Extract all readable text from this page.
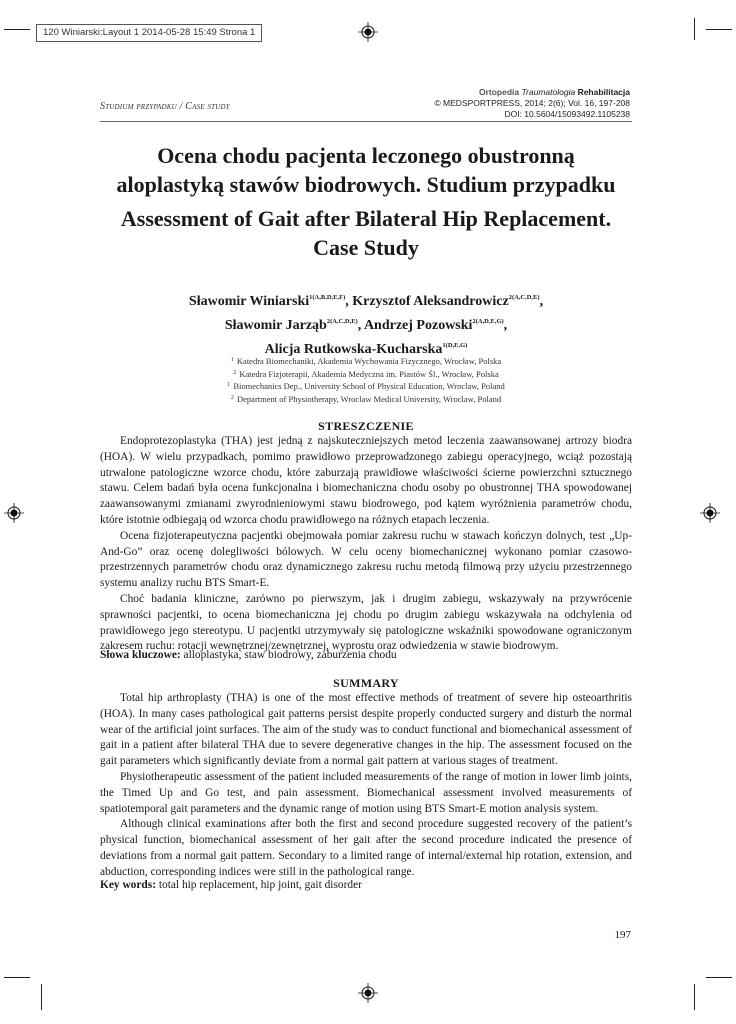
120 Winiarski:Layout 1 2014-05-28 15:49 Strona 1
Studium przypadku / Case study
Ortopedia Traumatologia Rehabilitacja
© MEDSPORTPRESS, 2014; 2(6); Vol. 16, 197-208
DOI: 10.5604/15093492.1105238
Ocena chodu pacjenta leczonego obustronną
aloplastyką stawów biodrowych. Studium przypadku
Assessment of Gait after Bilateral Hip Replacement.
Case Study
Sławomir Winiarski$^{1(A,B,D,E,F)}$, Krzysztof Aleksandrowicz$^{2(A,C,D,E)}$,
Sławomir Jarząb$^{2(A,C,D,E)}$, Andrzej Pozowski$^{2(A,D,E,G)}$,
Alicja Rutkowska-Kucharska$^{1(D,E,G)}$
$^1$ Katedra Biomechaniki, Akademia Wychowania Fizycznego, Wrocław, Polska
$^2$ Katedra Fizjoterapii, Akademia Medyczna im. Piastów Śl., Wrocław, Polska
$^1$ Biomechanics Dep., University School of Physical Education, Wroclaw, Poland
$^2$ Department of Physiotherapy, Wroclaw Medical University, Wroclaw, Poland
STRESZCZENIE

Endoprotezoplastyka (THA) jest jedną z najskuteczniejszych metod leczenia zaawansowanej artrozy biodra (HOA). W wielu przypadkach, pomimo prawidłowo przeprowadzonego zabiegu operacyjnego, wciąż pozostają utrwalone patologiczne wzorce chodu, które zaburzają prawidłowe właściwości ścierne powierzchni sztucznego stawu. Celem badań była ocena funkcjonalna i biomechaniczna chodu osoby po obustronnej THA spowodowanej zaawansowanymi zmianami zwyrodnieniowymi stawu biodrowego, pod kątem wyróżnienia parametrów chodu, które istotnie odbiegają od wzorca chodu prawidłowego na różnych etapach leczenia.

Ocena fizjoterapeutyczna pacjentki obejmowała pomiar zakresu ruchu w stawach kończyn dolnych, test „Up-And-Go” oraz ocenę dolegliwości bólowych. W celu oceny biomechanicznej wykonano pomiar czasowo-przestrzennych parametrów chodu oraz dynamicznego zakresu ruchu metodą filmową przy użyciu przestrzennego systemu analizy ruchu BTS Smart-E.

Choć badania kliniczne, zarówno po pierwszym, jak i drugim zabiegu, wskazywały na przywrócenie sprawności pacjentki, to ocena biomechaniczna jej chodu po drugim zabiegu wskazywała na odchylenia od prawidłowego jego stereotypu. U pacjentki utrzymywały się patologiczne wskaźniki spowodowane ograniczonym zakresem ruchu: rotacji wewnętrznej/zewnętrznej, wyprostu oraz odwiedzenia w stawie biodrowym.

Słowa kluczowe: alloplastyka, staw biodrowy, zaburzenia chodu
SUMMARY

Total hip arthroplasty (THA) is one of the most effective methods of treatment of severe hip osteoarthritis (HOA). In many cases pathological gait patterns persist despite properly conducted surgery and disturb the normal wear of the artificial joint surfaces. The aim of the study was to conduct functional and biomechanical assessment of gait in a patient after bilateral THA due to severe degenerative changes in the hip. The assessment focused on the gait parameters which significantly deviate from a normal gait pattern at various stages of treatment.

Physiotherapeutic assessment of the patient included measurements of the range of motion in lower limb joints, the Timed Up and Go test, and pain assessment. Biomechanical assessment involved measurements of spatiotemporal gait parameters and the dynamic range of motion using BTS Smart-E motion analysis system.

Although clinical examinations after both the first and second procedure suggested recovery of the patient’s physical function, biomechanical assessment of her gait after the second procedure indicated the presence of deviations from a normal gait pattern. Secondary to a limited range of internal/external hip rotation, extension, and abduction, corresponding indices were still in the pathological range.

Key words: total hip replacement, hip joint, gait disorder
197
